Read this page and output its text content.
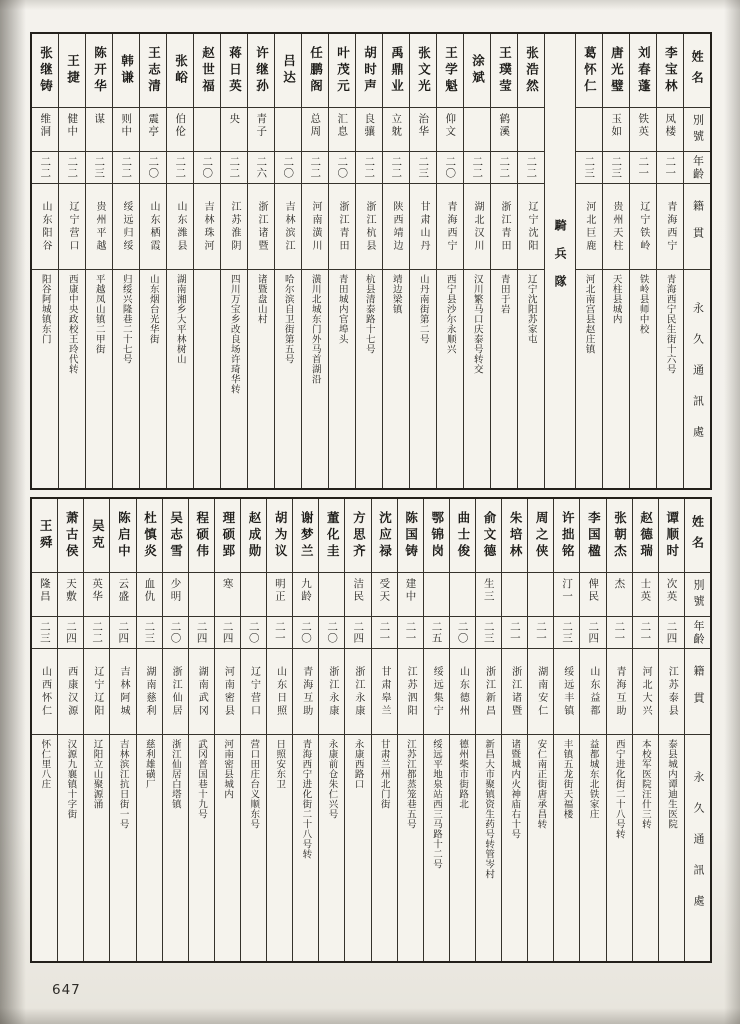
姓名
別號
年齡
籍貫
永久通訊處
李宝林
凤楼
二一
青海西宁
青海西宁民生街十六号
刘春蓬
铁英
二一
辽宁铁岭
铁岭县师中校
唐光璧
玉如
二三
贵州天柱
天柱县城内
葛怀仁
二三
河北巨鹿
河北南宫县赵庄镇
騎兵隊
张浩然
二二
辽宁沈阳
辽宁沈阳苏家屯
王璞莹
鹤溪
二二
浙江青田
青田于岩
涂斌
二二
湖北汉川
汉川繁马口庆泰号转交
王学魁
仰文
二〇
青海西宁
西宁县沙尔永顺兴
张文光
治华
二三
甘肃山丹
山丹南街第二号
禹鼎业
立躭
二二
陕西靖边
靖边梁镇
胡时声
良骧
二二
浙江杭县
杭县清泰路十七号
叶茂元
汇息
二〇
浙江青田
青田城内官埠头
任鹏阁
总周
二二
河南潢川
潢川北城东门外马首湖沿
吕达
二〇
吉林滨江
哈尔滨自卫街第五号
许继孙
青子
二六
浙江诸暨
诸暨盘山村
蒋日英
央
二二
江苏淮阴
四川万宝乡改良场许琦华转
赵世福
二〇
吉林珠河
张峪
伯伦
二二
山东潍县
湖南湘乡大平林树山
王志清
震亭
二〇
山东栖霞
山东烟台光华街
韩谦
则中
二二
绥远归绥
归绥兴隆巷二十七号
陈开华
谋
二三
贵州平越
平越凤山镇二甲街
王捷
健中
二二
辽宁营口
西康中央政校王玲代转
张继铸
维洞
二二
山东阳谷
阳谷阿城镇东门
姓名
別號
年齡
籍貫
永久通訊處
谭顺时
次英
二四
江苏泰县
泰县城内谭迪生医院
赵德瑞
士英
二一
河北大兴
本校军医院汪什三转
张朝杰
杰
二一
青海互助
西宁进化街二十八号转
李国楹
俾民
二四
山东益都
益都城东北铁家庄
许拙铭
汀一
二三
绥远丰镇
丰镇五龙街天福楼
周之侠
二一
湖南安仁
安仁南正街唐承昌转
朱培林
二一
浙江诸暨
诸暨城内火神庙右十号
俞文德
生三
二三
浙江新昌
新昌大市聚镇资生药号转管岑村
曲士俊
二〇
山东德州
德州柴市街路北
鄂锦岗
二五
绥远集宁
绥远平地泉站西三马路十二号
陈国铸
建中
二一
江苏泗阳
江苏江都蒸笼巷五号
沈应禄
受天
二一
甘肃皋兰
甘肃兰州北门街
方思齐
洁民
二四
浙江永康
永康西路口
董化圭
二〇
浙江永康
永康前仓朱仁兴号
谢梦兰
九龄
二〇
青海互助
青海西宁进化街二十八号转
胡为议
明正
二一
山东日照
日照安东卫
赵成勋
二〇
辽宁营口
营口田庄台义顺东号
理硕郢
寒
二四
河南密县
河南密县城内
程硕伟
二四
湖南武冈
武冈普国巷十九号
吴志雪
少明
二〇
浙江仙居
浙江仙居白塔镇
杜慎炎
血仇
二三
湖南慈利
慈利雄磺厂
陈启中
云盛
二四
吉林阿城
吉林滨江抗日街一号
吴克
英华
二二
辽宁辽阳
辽阳立山聚源涌
萧古侯
天敷
二四
西康汉源
汉源九襄镇十字街
王舜
隆昌
二三
山西怀仁
怀仁里八庄
647
